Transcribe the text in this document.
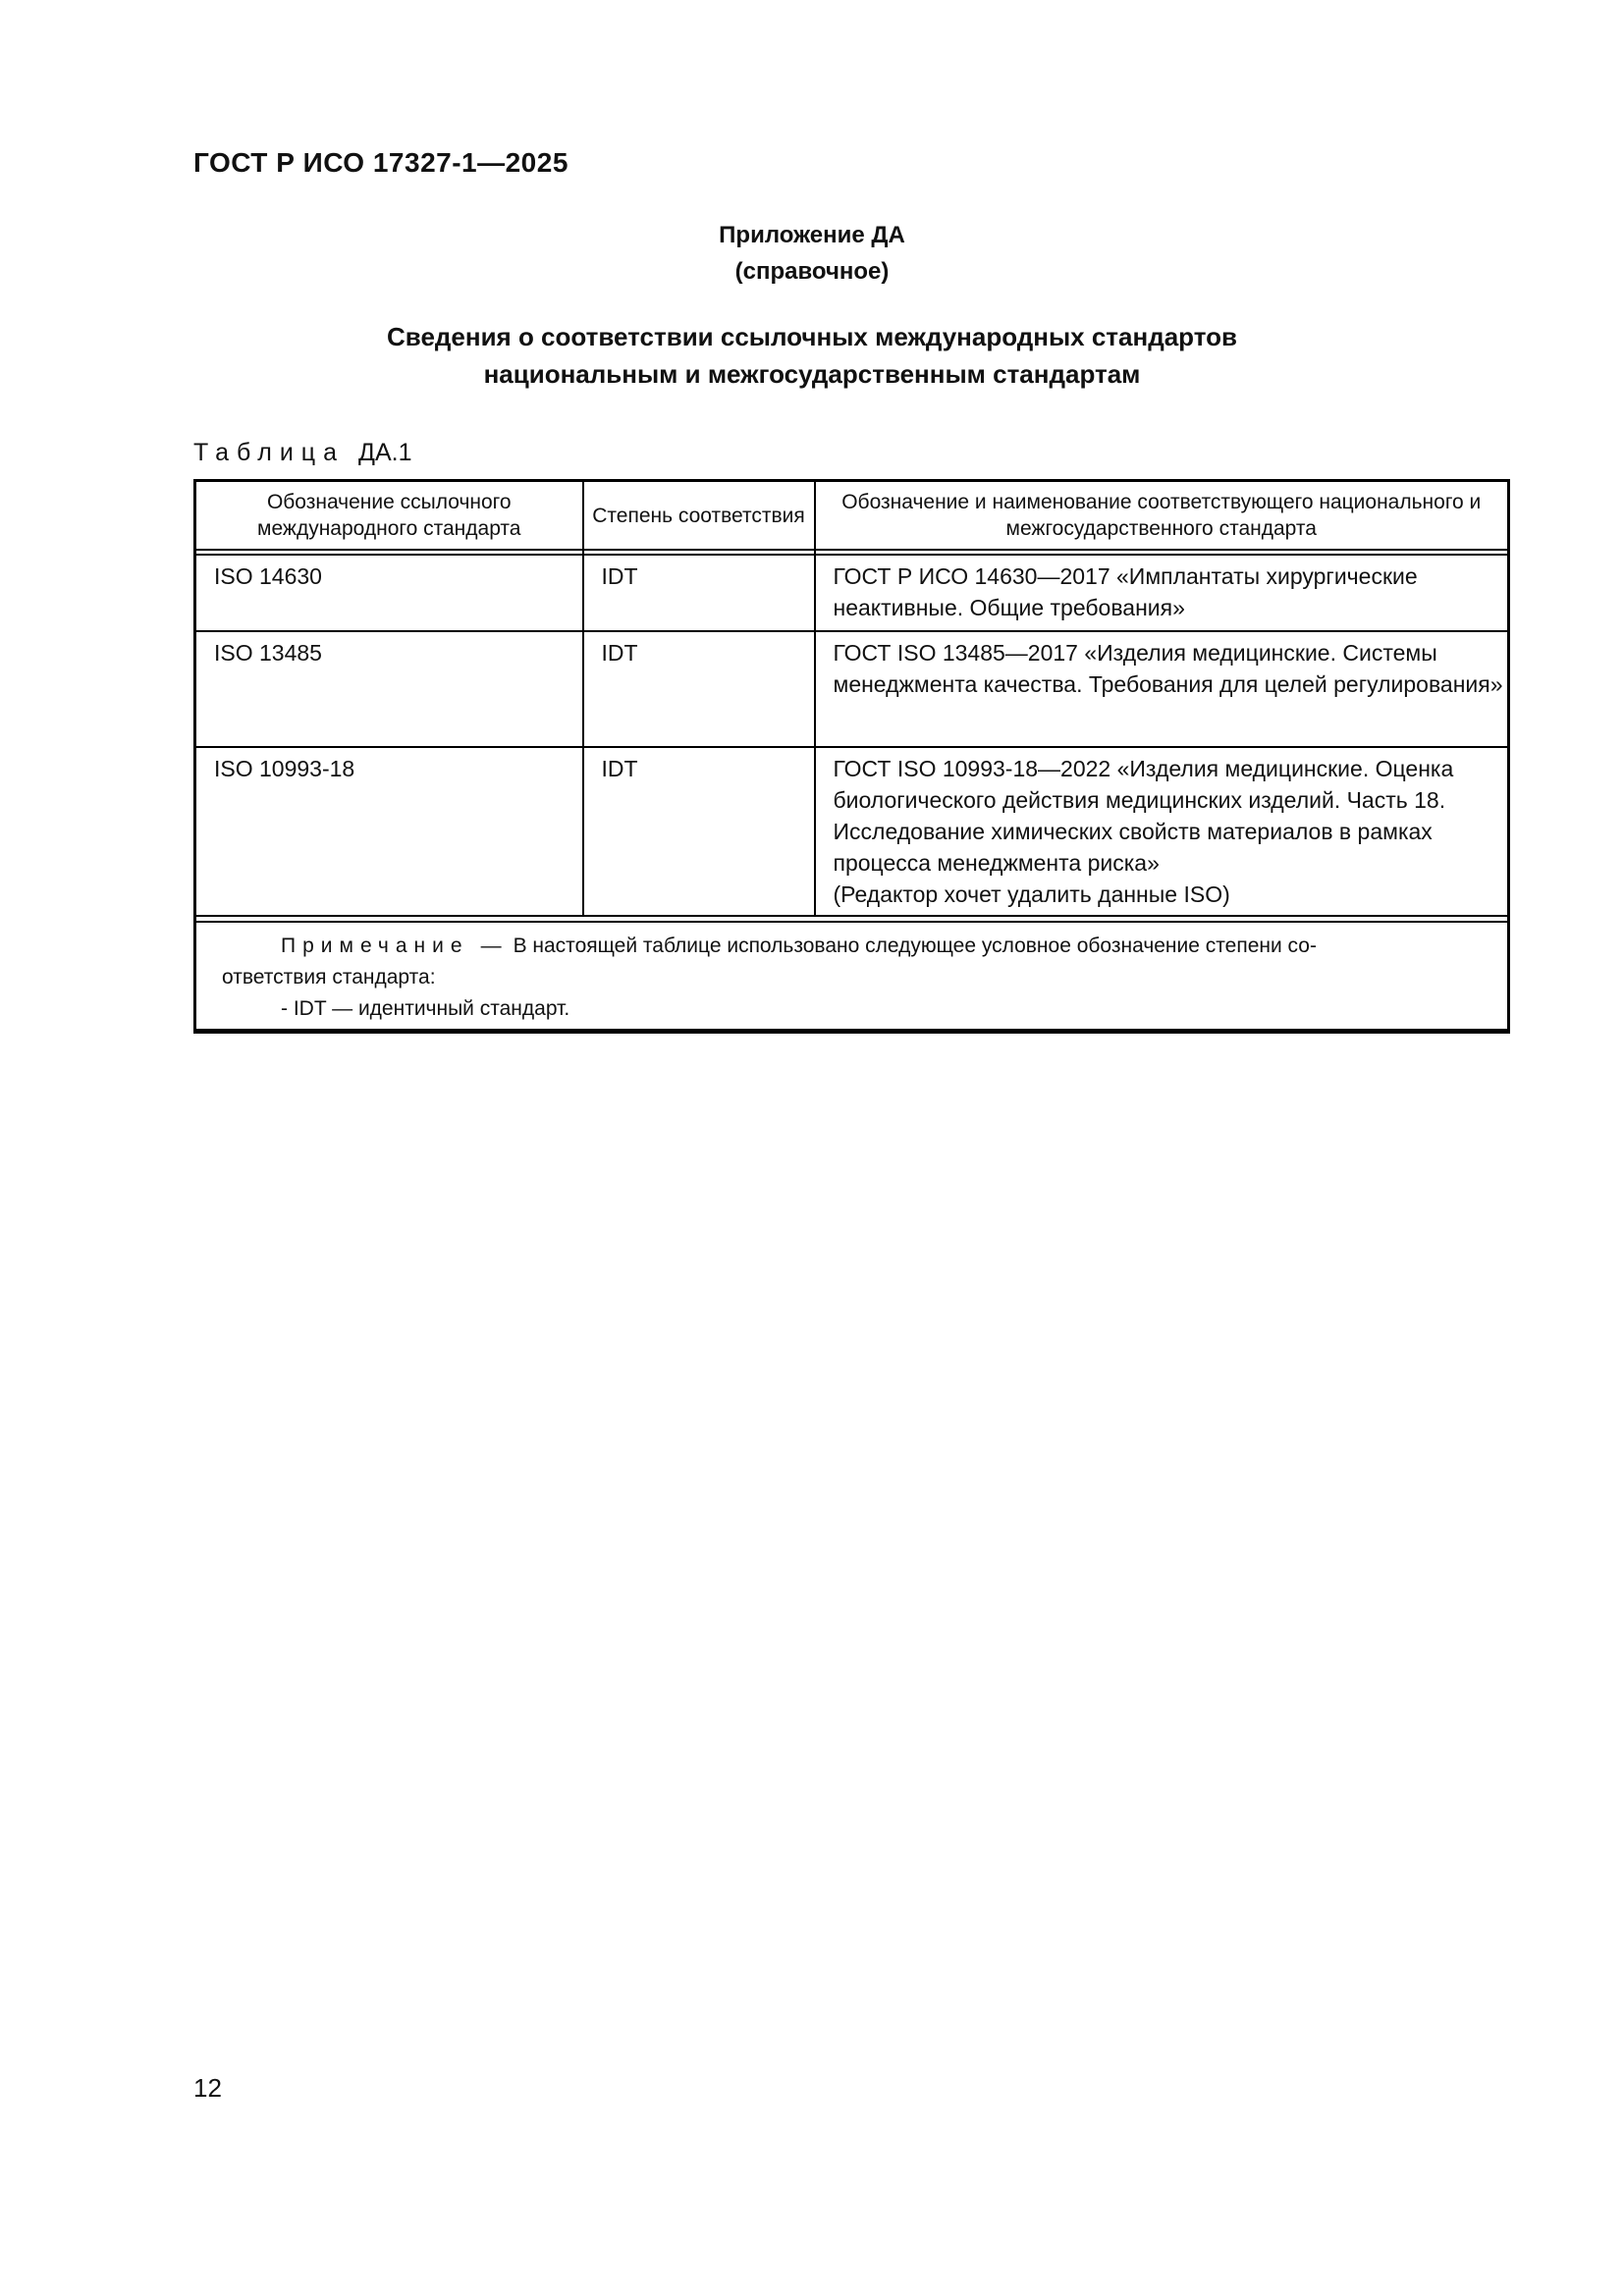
ГОСТ Р ИСО 17327-1—2025
Приложение ДА
(справочное)
Сведения о соответствии ссылочных международных стандартов
национальным и межгосударственным стандартам
Таблица ДА.1
Обозначение ссылочного международного стандарта	Степень соответствия	Обозначение и наименование соответствующего национального и межгосударственного стандарта

ISO 14630	IDT	ГОСТ Р ИСО 14630—2017 «Имплантаты хирургические неактивные. Общие требования»
ISO 13485	IDT	ГОСТ ISO 13485—2017 «Изделия медицинские. Системы менеджмента качества. Требования для целей регулирования»
ISO 10993-18	IDT	ГОСТ ISO 10993-18—2022 «Изделия медицинские. Оценка биологического действия медицинских изделий. Часть 18. Исследование химических свойств материалов в рамках процесса менеджмента риска»
(Редактор хочет удалить данные ISO)

Примечание — В настоящей таблице использовано следующее условное обозначение степени со-
ответствия стандарта:
- IDT — идентичный стандарт.		
12
